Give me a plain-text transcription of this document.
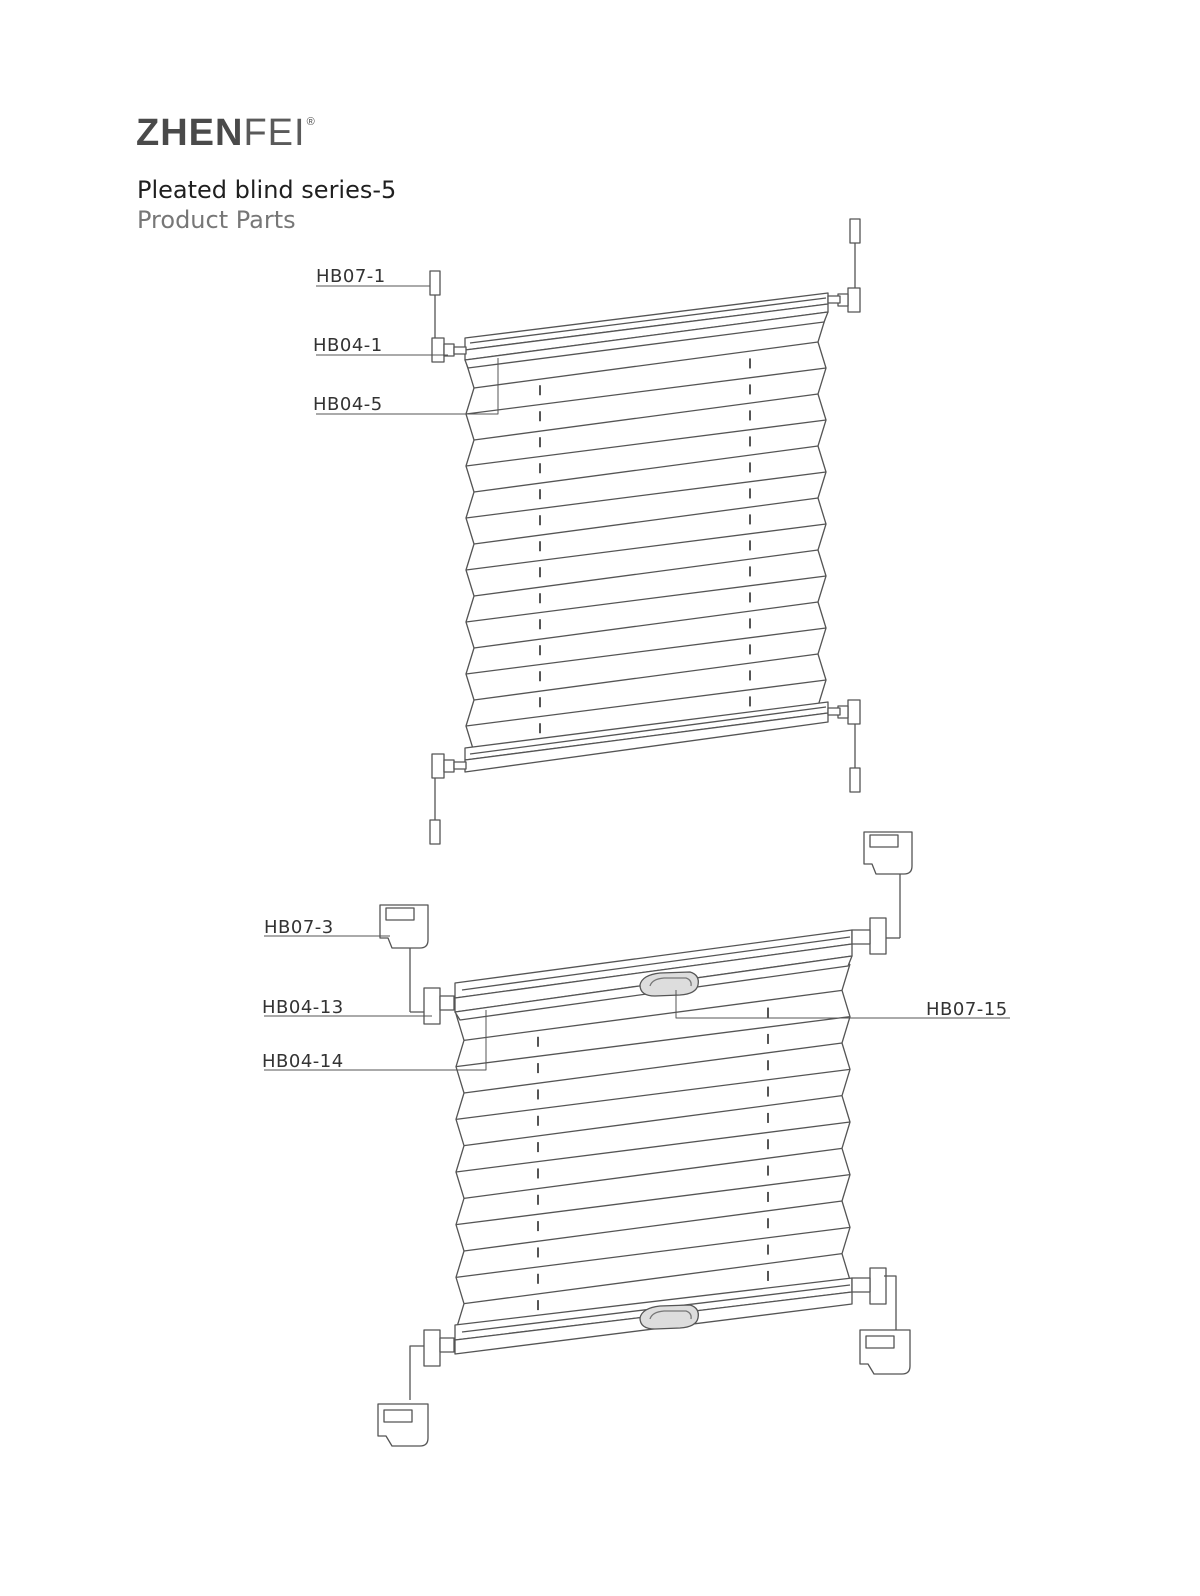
ZHENFEI®
Pleated blind series-5
Product Parts
HB07-1
HB04-1
HB04-5
HB07-3
HB04-13
HB04-14
HB07-15
